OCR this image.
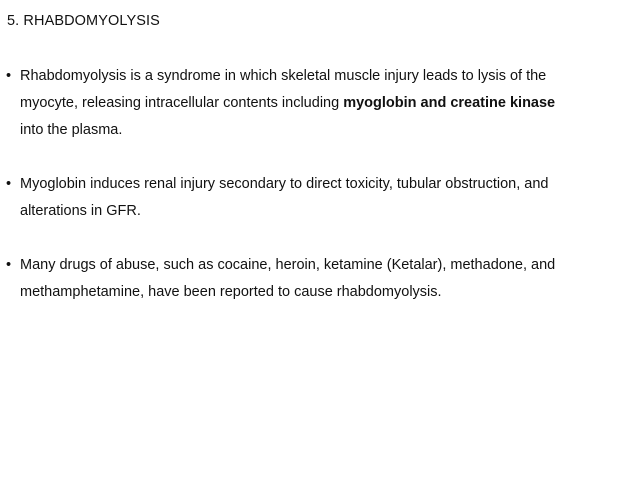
5. RHABDOMYOLYSIS
• Rhabdomyolysis is a syndrome in which skeletal muscle injury leads to lysis of the
myocyte, releasing intracellular contents including myoglobin and creatine kinase
into the plasma.
• Myoglobin induces renal injury secondary to direct toxicity, tubular obstruction, and
alterations in GFR.
• Many drugs of abuse, such as cocaine, heroin, ketamine (Ketalar), methadone, and
methamphetamine, have been reported to cause rhabdomyolysis.
